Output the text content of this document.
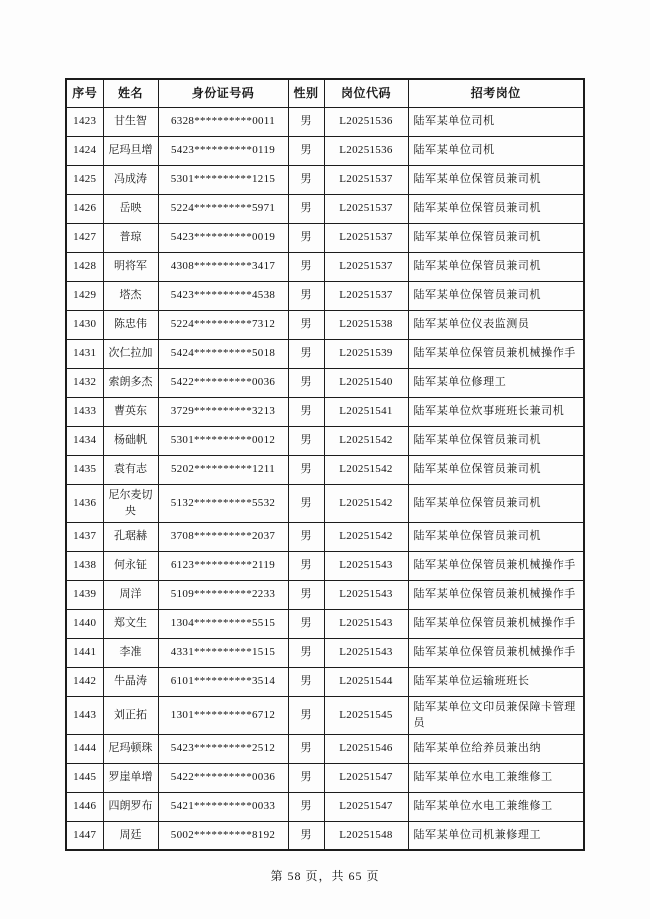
序号	姓名	身份证号码	性别	岗位代码	招考岗位
1423	甘生智	6328**********0011	男	L20251536	陆军某单位司机
1424	尼玛旦增	5423**********0119	男	L20251536	陆军某单位司机
1425	冯成涛	5301**********1215	男	L20251537	陆军某单位保管员兼司机
1426	岳映	5224**********5971	男	L20251537	陆军某单位保管员兼司机
1427	普琼	5423**********0019	男	L20251537	陆军某单位保管员兼司机
1428	明将军	4308**********3417	男	L20251537	陆军某单位保管员兼司机
1429	塔杰	5423**********4538	男	L20251537	陆军某单位保管员兼司机
1430	陈忠伟	5224**********7312	男	L20251538	陆军某单位仪表监测员
1431	次仁拉加	5424**********5018	男	L20251539	陆军某单位保管员兼机械操作手
1432	索朗多杰	5422**********0036	男	L20251540	陆军某单位修理工
1433	曹英东	3729**********3213	男	L20251541	陆军某单位炊事班班长兼司机
1434	杨础帆	5301**********0012	男	L20251542	陆军某单位保管员兼司机
1435	袁有志	5202**********1211	男	L20251542	陆军某单位保管员兼司机
1436	尼尔麦切央	5132**********5532	男	L20251542	陆军某单位保管员兼司机
1437	孔琚赫	3708**********2037	男	L20251542	陆军某单位保管员兼司机
1438	何永钲	6123**********2119	男	L20251543	陆军某单位保管员兼机械操作手
1439	周洋	5109**********2233	男	L20251543	陆军某单位保管员兼机械操作手
1440	郑文生	1304**********5515	男	L20251543	陆军某单位保管员兼机械操作手
1441	李准	4331**********1515	男	L20251543	陆军某单位保管员兼机械操作手
1442	牛晶涛	6101**********3514	男	L20251544	陆军某单位运输班班长
1443	刘正拓	1301**********6712	男	L20251545	陆军某单位文印员兼保障卡管理员
1444	尼玛顿珠	5423**********2512	男	L20251546	陆军某单位给养员兼出纳
1445	罗崖单增	5422**********0036	男	L20251547	陆军某单位水电工兼维修工
1446	四朗罗布	5421**********0033	男	L20251547	陆军某单位水电工兼维修工
1447	周廷	5002**********8192	男	L20251548	陆军某单位司机兼修理工
第 58 页，共 65 页
